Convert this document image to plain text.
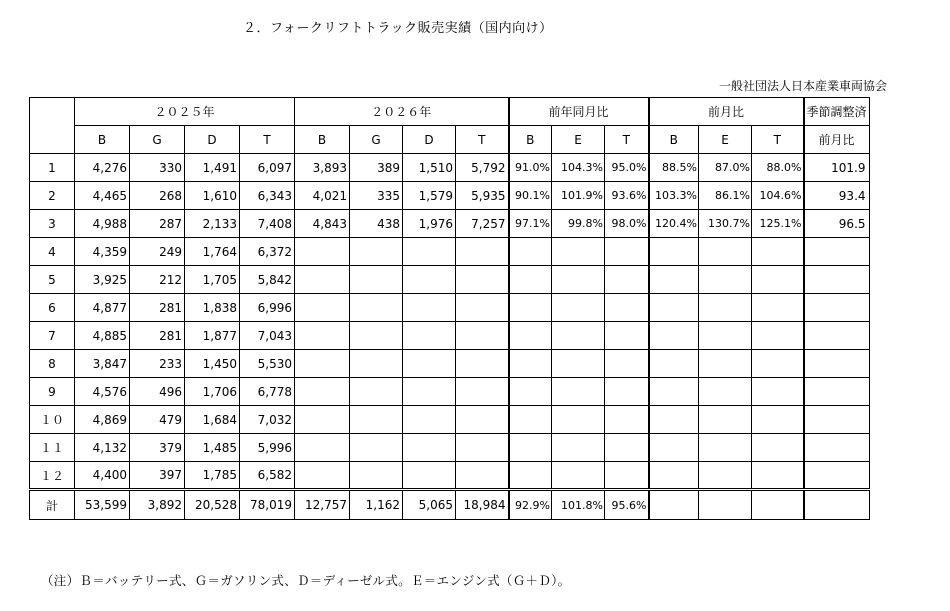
２．フォークリフトトラック販売実績（国内向け）
一般社団法人日本産業車両協会
	２０２５年				２０２６年				前年同月比			前月比			季節調整済
	B	G	D	T	B	G	D	T	B	E	T	B	E	T	前月比
1	4,276	330	1,491	6,097	3,893	389	1,510	5,792	91.0%	104.3%	95.0%	88.5%	87.0%	88.0%	101.9
2	4,465	268	1,610	6,343	4,021	335	1,579	5,935	90.1%	101.9%	93.6%	103.3%	86.1%	104.6%	93.4
3	4,988	287	2,133	7,408	4,843	438	1,976	7,257	97.1%	99.8%	98.0%	120.4%	130.7%	125.1%	96.5
4	4,359	249	1,764	6,372											
5	3,925	212	1,705	5,842											
6	4,877	281	1,838	6,996											
7	4,885	281	1,877	7,043											
8	3,847	233	1,450	5,530											
9	4,576	496	1,706	6,778											
１０	4,869	479	1,684	7,032											
１１	4,132	379	1,485	5,996											
１２	4,400	397	1,785	6,582											
計	53,599	3,892	20,528	78,019	12,757	1,162	5,065	18,984	92.9%	101.8%	95.6%				
（注）Ｂ＝バッテリー式、Ｇ＝ガソリン式、Ｄ＝ディーゼル式。Ｅ＝エンジン式（Ｇ＋Ｄ）。
